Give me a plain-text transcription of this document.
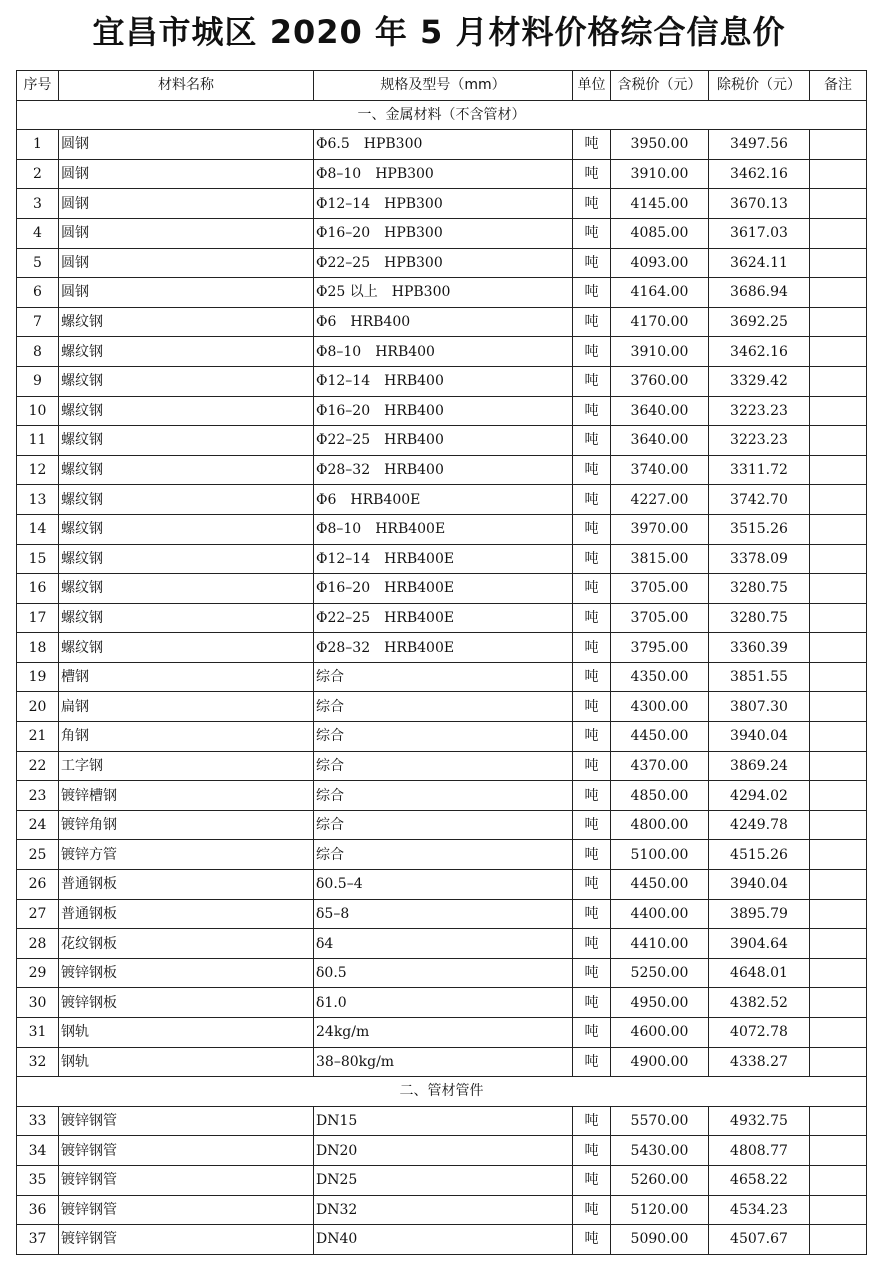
宜昌市城区 2020 年 5 月材料价格综合信息价
序号	材料名称	规格及型号（mm）	单位	含税价（元）	除税价（元）	备注
一、金属材料（不含管材）						
1	圆钢	Φ6.5　HPB300	吨	3950.00	3497.56	
2	圆钢	Φ8–10　HPB300	吨	3910.00	3462.16	
3	圆钢	Φ12–14　HPB300	吨	4145.00	3670.13	
4	圆钢	Φ16–20　HPB300	吨	4085.00	3617.03	
5	圆钢	Φ22–25　HPB300	吨	4093.00	3624.11	
6	圆钢	Φ25 以上　HPB300	吨	4164.00	3686.94	
7	螺纹钢	Φ6　HRB400	吨	4170.00	3692.25	
8	螺纹钢	Φ8–10　HRB400	吨	3910.00	3462.16	
9	螺纹钢	Φ12–14　HRB400	吨	3760.00	3329.42	
10	螺纹钢	Φ16–20　HRB400	吨	3640.00	3223.23	
11	螺纹钢	Φ22–25　HRB400	吨	3640.00	3223.23	
12	螺纹钢	Φ28–32　HRB400	吨	3740.00	3311.72	
13	螺纹钢	Φ6　HRB400E	吨	4227.00	3742.70	
14	螺纹钢	Φ8–10　HRB400E	吨	3970.00	3515.26	
15	螺纹钢	Φ12–14　HRB400E	吨	3815.00	3378.09	
16	螺纹钢	Φ16–20　HRB400E	吨	3705.00	3280.75	
17	螺纹钢	Φ22–25　HRB400E	吨	3705.00	3280.75	
18	螺纹钢	Φ28–32　HRB400E	吨	3795.00	3360.39	
19	槽钢	综合	吨	4350.00	3851.55	
20	扁钢	综合	吨	4300.00	3807.30	
21	角钢	综合	吨	4450.00	3940.04	
22	工字钢	综合	吨	4370.00	3869.24	
23	镀锌槽钢	综合	吨	4850.00	4294.02	
24	镀锌角钢	综合	吨	4800.00	4249.78	
25	镀锌方管	综合	吨	5100.00	4515.26	
26	普通钢板	δ0.5–4	吨	4450.00	3940.04	
27	普通钢板	δ5–8	吨	4400.00	3895.79	
28	花纹钢板	δ4	吨	4410.00	3904.64	
29	镀锌钢板	δ0.5	吨	5250.00	4648.01	
30	镀锌钢板	δ1.0	吨	4950.00	4382.52	
31	钢轨	24kg/m	吨	4600.00	4072.78	
32	钢轨	38–80kg/m	吨	4900.00	4338.27	
二、管材管件						
33	镀锌钢管	DN15	吨	5570.00	4932.75	
34	镀锌钢管	DN20	吨	5430.00	4808.77	
35	镀锌钢管	DN25	吨	5260.00	4658.22	
36	镀锌钢管	DN32	吨	5120.00	4534.23	
37	镀锌钢管	DN40	吨	5090.00	4507.67	
